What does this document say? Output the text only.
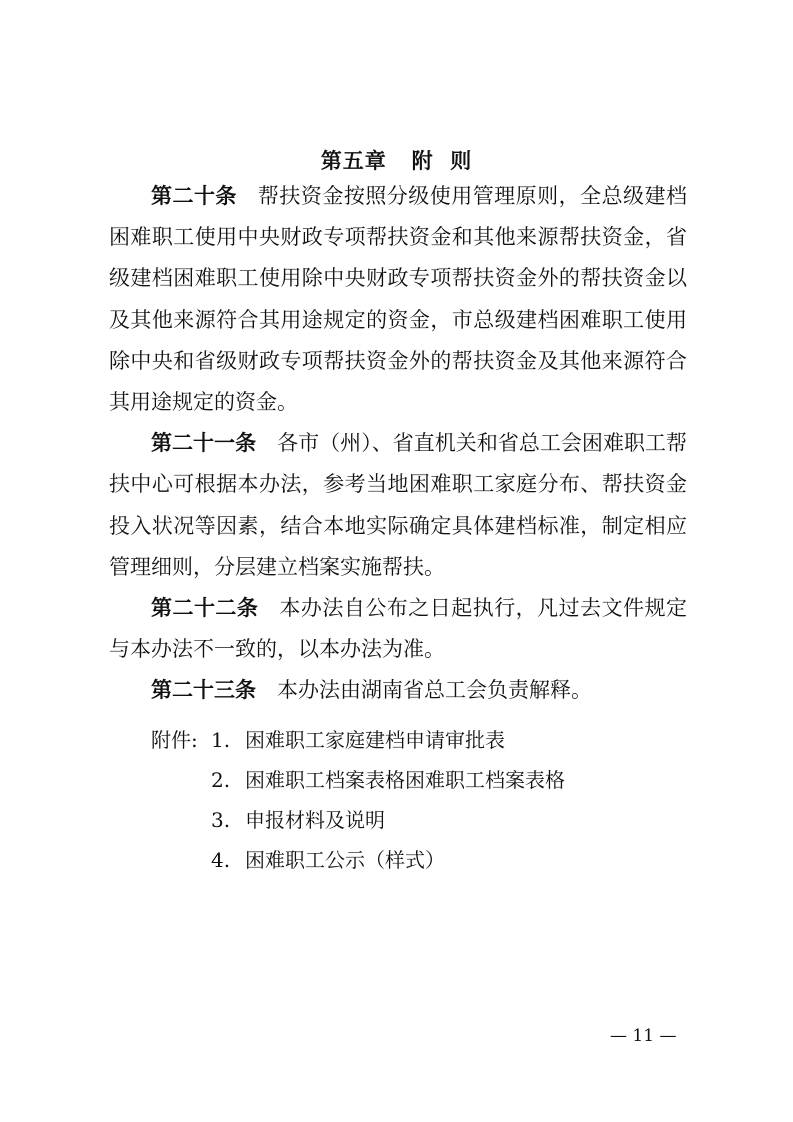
第五章   附  则

第二十条 帮扶资金按照分级使用管理原则，全总级建档困难职工使用中央财政专项帮扶资金和其他来源帮扶资金，省级建档困难职工使用除中央财政专项帮扶资金外的帮扶资金以及其他来源符合其用途规定的资金，市总级建档困难职工使用除中央和省级财政专项帮扶资金外的帮扶资金及其他来源符合其用途规定的资金。

第二十一条 各市（州）、省直机关和省总工会困难职工帮扶中心可根据本办法，参考当地困难职工家庭分布、帮扶资金投入状况等因素，结合本地实际确定具体建档标准，制定相应管理细则，分层建立档案实施帮扶。

第二十二条 本办法自公布之日起执行，凡过去文件规定与本办法不一致的，以本办法为准。

第二十三条 本办法由湖南省总工会负责解释。

附件: 1. 困难职工家庭建档申请审批表
2. 困难职工档案表格困难职工档案表格
3. 申报材料及说明
4. 困难职工公示（样式）
— 11 —
